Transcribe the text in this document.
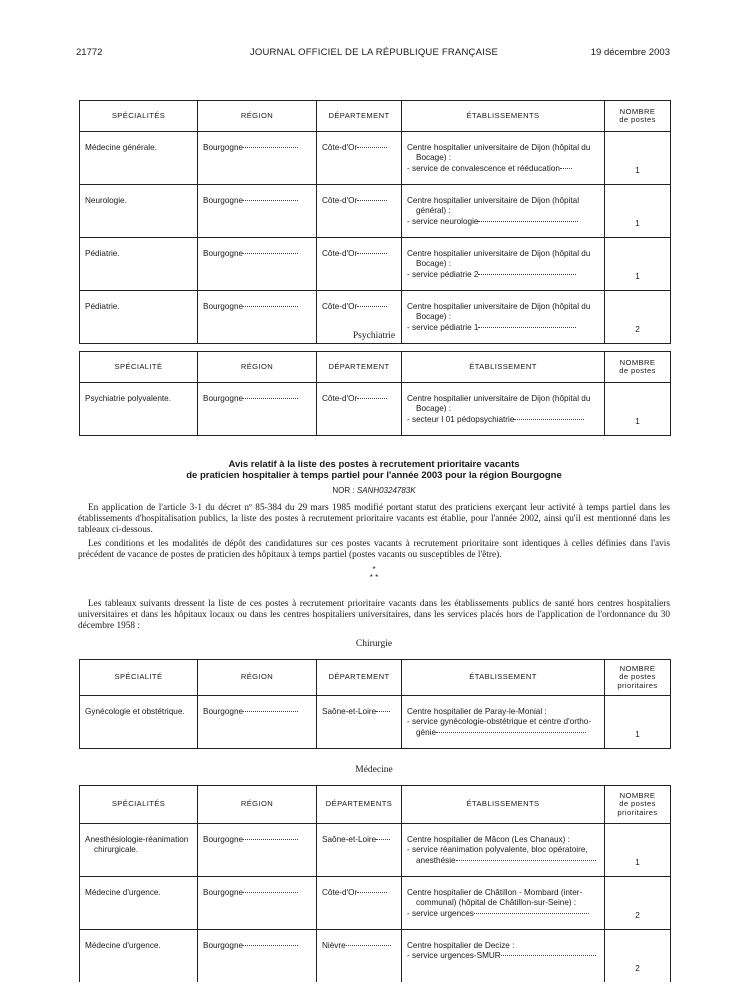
21772	JOURNAL OFFICIEL DE LA RÉPUBLIQUE FRANÇAISE	19 décembre 2003
SPÉCIALITÉS	RÉGION	DÉPARTEMENT	ÉTABLISSEMENTS	NOMBRE
de postes
Médecine générale.	Bourgogne	Côte-d'Or	Centre hospitalier universitaire de Dijon (hôpital du

Bocage) :
- service de convalescence et rééducation	1
Neurologie.	Bourgogne	Côte-d'Or	Centre hospitalier universitaire de Dijon (hôpital

général) :
- service neurologie	1
Pédiatrie.	Bourgogne	Côte-d'Or	Centre hospitalier universitaire de Dijon (hôpital du

Bocage) :
- service pédiatrie 2	1
Pédiatrie.	Bourgogne	Côte-d'Or	Centre hospitalier universitaire de Dijon (hôpital du

Bocage) :
- service pédiatrie 1	2
Psychiatrie
SPÉCIALITÉ	RÉGION	DÉPARTEMENT	ÉTABLISSEMENT	NOMBRE
de postes
Psychiatrie polyvalente.	Bourgogne	Côte-d'Or	Centre hospitalier universitaire de Dijon (hôpital du

Bocage) :
- secteur I 01 pédopsychiatrie	1
Avis relatif à la liste des postes à recrutement prioritaire vacants
de praticien hospitalier à temps partiel pour l'année 2003 pour la région Bourgogne
NOR : SANH0324783K
En application de l'article 3-1 du décret nº 85-384 du 29 mars 1985 modifié portant statut des praticiens exerçant leur activité à temps partiel dans les établissements d'hospitalisation publics, la liste des postes à recrutement prioritaire vacants est établie, pour l'année 2002, ainsi qu'il est mentionné dans les tableaux ci-dessous.
Les conditions et les modalités de dépôt des candidatures sur ces postes vacants à recrutement prioritaire sont identiques à celles définies dans l'avis précédent de vacance de postes de praticien des hôpitaux à temps partiel (postes vacants ou susceptibles de l'être).
*
* *
Les tableaux suivants dressent la liste de ces postes à recrutement prioritaire vacants dans les établissements publics de santé hors centres hospitaliers universitaires et dans les hôpitaux locaux ou dans les centres hospitaliers universitaires, dans les services placés hors de l'application de l'ordonnance du 30 décembre 1958 :
Chirurgie
SPÉCIALITÉ	RÉGION	DÉPARTEMENT	ÉTABLISSEMENT	NOMBRE
de postes
prioritaires
Gynécologie et obstétrique.	Bourgogne	Saône-et-Loire	Centre hospitalier de Paray-le-Monial :
- service gynécologie-obstétrique et centre d'ortho-
génie	1
Médecine
SPÉCIALITÉS	RÉGION	DÉPARTEMENTS	ÉTABLISSEMENTS	NOMBRE
de postes
prioritaires
Anesthésiologie-réanimation
chirurgicale.	Bourgogne	Saône-et-Loire	Centre hospitalier de Mâcon (Les Chanaux) :
- service réanimation polyvalente, bloc opératoire,
anesthésie	1
Médecine d'urgence.	Bourgogne	Côte-d'Or	Centre hospitalier de Châtillon - Mombard (inter-

communal) (hôpital de Châtillon-sur-Seine) :
- service urgences	2
Médecine d'urgence.	Bourgogne	Nièvre	Centre hospitalier de Decize :
- service urgences-SMUR	2
